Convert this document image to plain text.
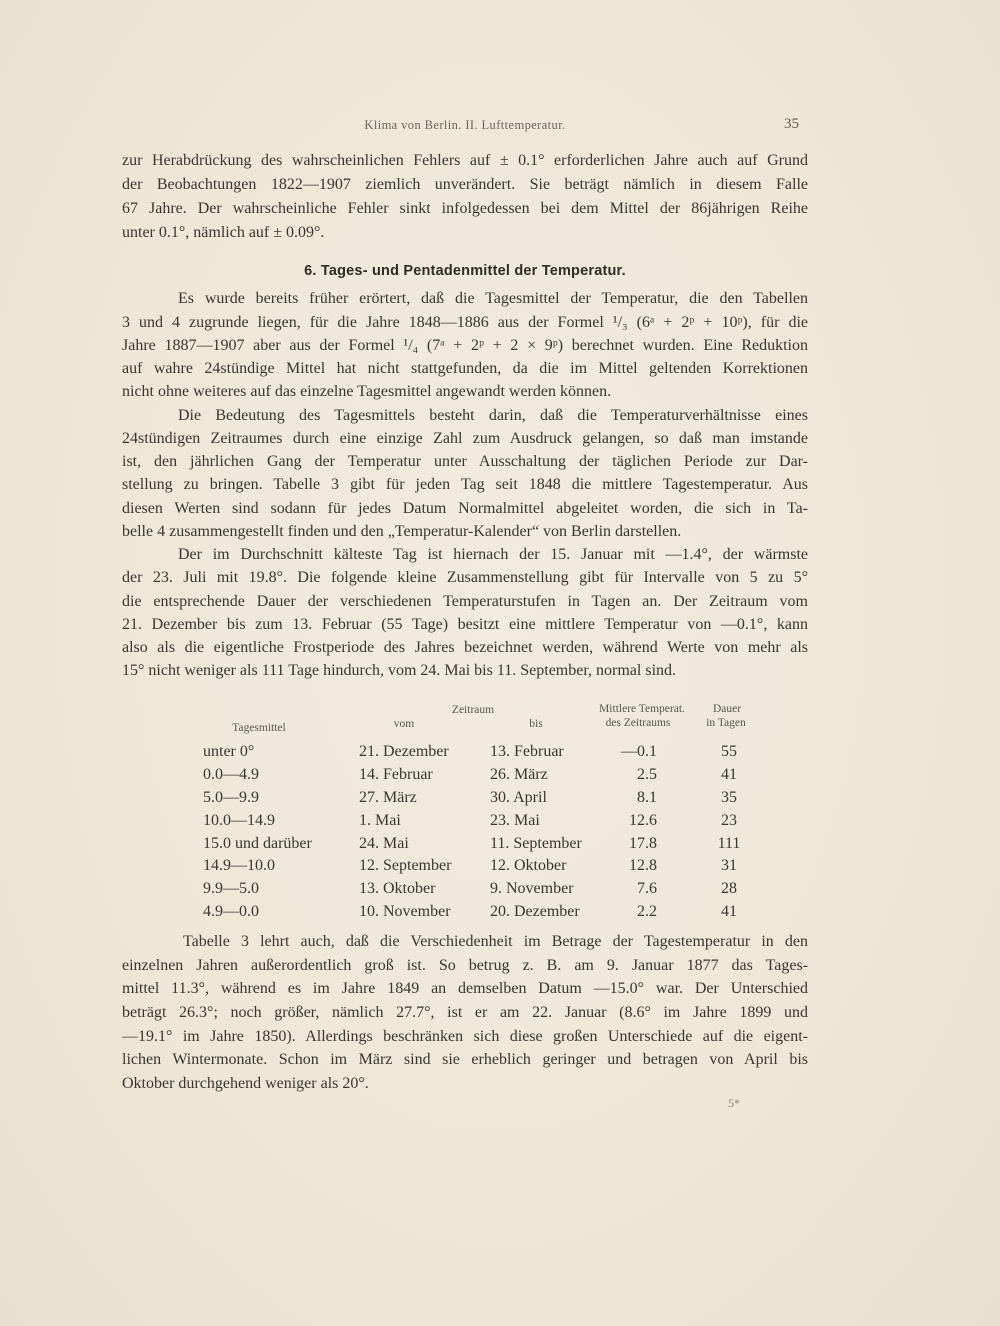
Klima von Berlin. II. Lufttemperatur.	35
zur Herabdrückung des wahrscheinlichen Fehlers auf ± 0.1° erforderlichen Jahre auch auf Grund
der Beobachtungen 1822—1907 ziemlich unverändert. Sie beträgt nämlich in diesem Falle
67 Jahre. Der wahrscheinliche Fehler sinkt infolgedessen bei dem Mittel der 86jährigen Reihe
unter 0.1°, nämlich auf ± 0.09°.
6. Tages- und Pentadenmittel der Temperatur.
Es wurde bereits früher erörtert, daß die Tagesmittel der Temperatur, die den Tabellen
3 und 4 zugrunde liegen, für die Jahre 1848—1886 aus der Formel ¹/₃ (6ᵃ + 2ᵖ + 10ᵖ), für die
Jahre 1887—1907 aber aus der Formel ¹/₄ (7ᵃ + 2ᵖ + 2 × 9ᵖ) berechnet wurden. Eine Reduktion
auf wahre 24stündige Mittel hat nicht stattgefunden, da die im Mittel geltenden Korrektionen
nicht ohne weiteres auf das einzelne Tagesmittel angewandt werden können.
Die Bedeutung des Tagesmittels besteht darin, daß die Temperaturverhältnisse eines
24stündigen Zeitraumes durch eine einzige Zahl zum Ausdruck gelangen, so daß man imstande
ist, den jährlichen Gang der Temperatur unter Ausschaltung der täglichen Periode zur Dar-
stellung zu bringen. Tabelle 3 gibt für jeden Tag seit 1848 die mittlere Tagestemperatur. Aus
diesen Werten sind sodann für jedes Datum Normalmittel abgeleitet worden, die sich in Ta-
belle 4 zusammengestellt finden und den „Temperatur-Kalender“ von Berlin darstellen.
Der im Durchschnitt kälteste Tag ist hiernach der 15. Januar mit —1.4°, der wärmste
der 23. Juli mit 19.8°. Die folgende kleine Zusammenstellung gibt für Intervalle von 5 zu 5°
die entsprechende Dauer der verschiedenen Temperaturstufen in Tagen an. Der Zeitraum vom
21. Dezember bis zum 13. Februar (55 Tage) besitzt eine mittlere Temperatur von —0.1°, kann
also als die eigentliche Frostperiode des Jahres bezeichnet werden, während Werte von mehr als
15° nicht weniger als 111 Tage hindurch, vom 24. Mai bis 11. September, normal sind.
Zeitraum
Tagesmittel	vom	bis
Mittlere Temperat.
des Zeitraums
Dauer
in Tagen
unter 0°	21. Dezember	13. Februar	—0.1	55
0.0—4.9	14. Februar	26. März	2.5	41
5.0—9.9	27. März	30. April	8.1	35
10.0—14.9	1. Mai	23. Mai	12.6	23
15.0 und darüber	24. Mai	11. September	17.8	111
14.9—10.0	12. September 12. Oktober	12.8	31
9.9—5.0	13. Oktober	9. November	7.6	28
4.9—0.0	10. November 20. Dezember	2.2	41
Tabelle 3 lehrt auch, daß die Verschiedenheit im Betrage der Tagestemperatur in den
einzelnen Jahren außerordentlich groß ist. So betrug z. B. am 9. Januar 1877 das Tages-
mittel 11.3°, während es im Jahre 1849 an demselben Datum —15.0° war. Der Unterschied
beträgt 26.3°; noch größer, nämlich 27.7°, ist er am 22. Januar (8.6° im Jahre 1899 und
—19.1° im Jahre 1850). Allerdings beschränken sich diese großen Unterschiede auf die eigent-
lichen Wintermonate. Schon im März sind sie erheblich geringer und betragen von April bis
Oktober durchgehend weniger als 20°.
5*
